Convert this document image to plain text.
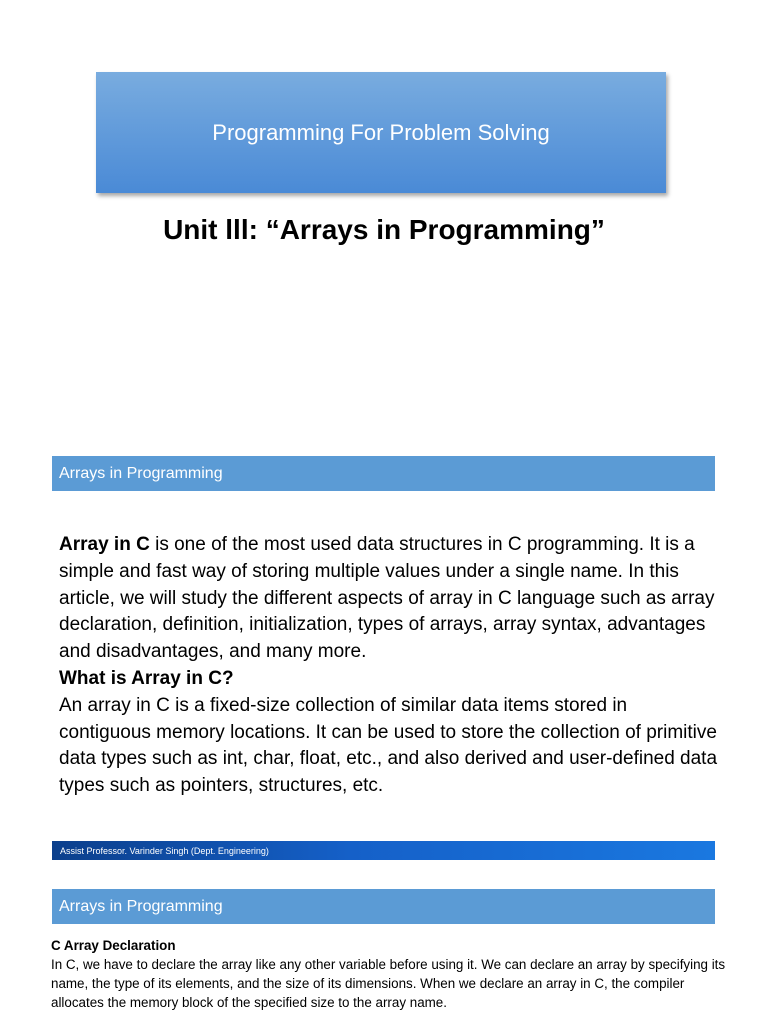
Programming For Problem Solving
Unit lll: “Arrays in Programming”
Arrays in Programming

Array in C is one of the most used data structures in C programming. It is a simple and fast way of storing multiple values under a single name. In this article, we will study the different aspects of array in C language such as array declaration, definition, initialization, types of arrays, array syntax, advantages and disadvantages, and many more.

What is Array in C?

An array in C is a fixed-size collection of similar data items stored in contiguous memory locations. It can be used to store the collection of primitive data types such as int, char, float, etc., and also derived and user-defined data types such as pointers, structures, etc.

Assist Professor. Varinder Singh (Dept. Engineering)
Arrays in Programming

C Array Declaration

In C, we have to declare the array like any other variable before using it. We can declare an array by specifying its name, the type of its elements, and the size of its dimensions. When we declare an array in C, the compiler allocates the memory block of the specified size to the array name.
